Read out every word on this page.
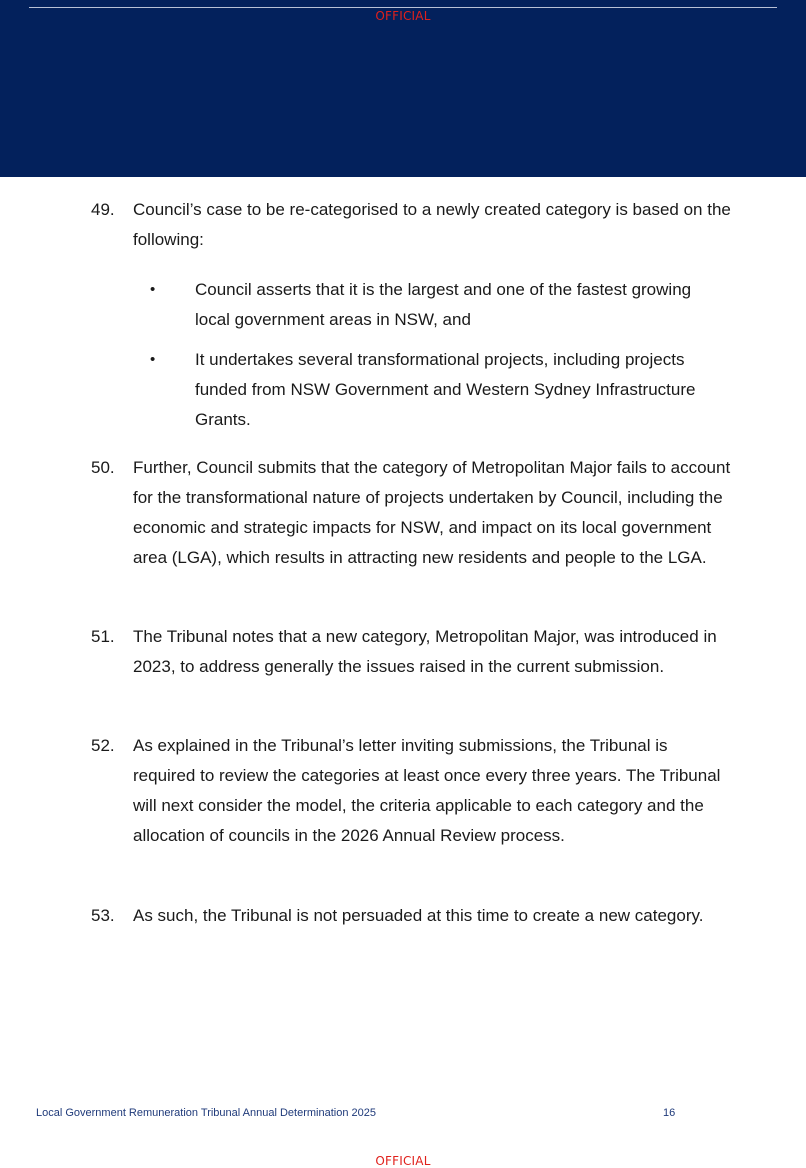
OFFICIAL
49.	Council’s case to be re-categorised to a newly created category is based on the following:
•	Council asserts that it is the largest and one of the fastest growing local government areas in NSW, and
•	It undertakes several transformational projects, including projects funded from NSW Government and Western Sydney Infrastructure Grants.
50.	Further, Council submits that the category of Metropolitan Major fails to account for the transformational nature of projects undertaken by Council, including the economic and strategic impacts for NSW, and impact on its local government area (LGA), which results in attracting new residents and people to the LGA.
51.	The Tribunal notes that a new category, Metropolitan Major, was introduced in 2023, to address generally the issues raised in the current submission.
52.	As explained in the Tribunal’s letter inviting submissions, the Tribunal is required to review the categories at least once every three years. The Tribunal will next consider the model, the criteria applicable to each category and the allocation of councils in the 2026 Annual Review process.
53.	As such, the Tribunal is not persuaded at this time to create a new category.
Local Government Remuneration Tribunal Annual Determination 2025	16
OFFICIAL
